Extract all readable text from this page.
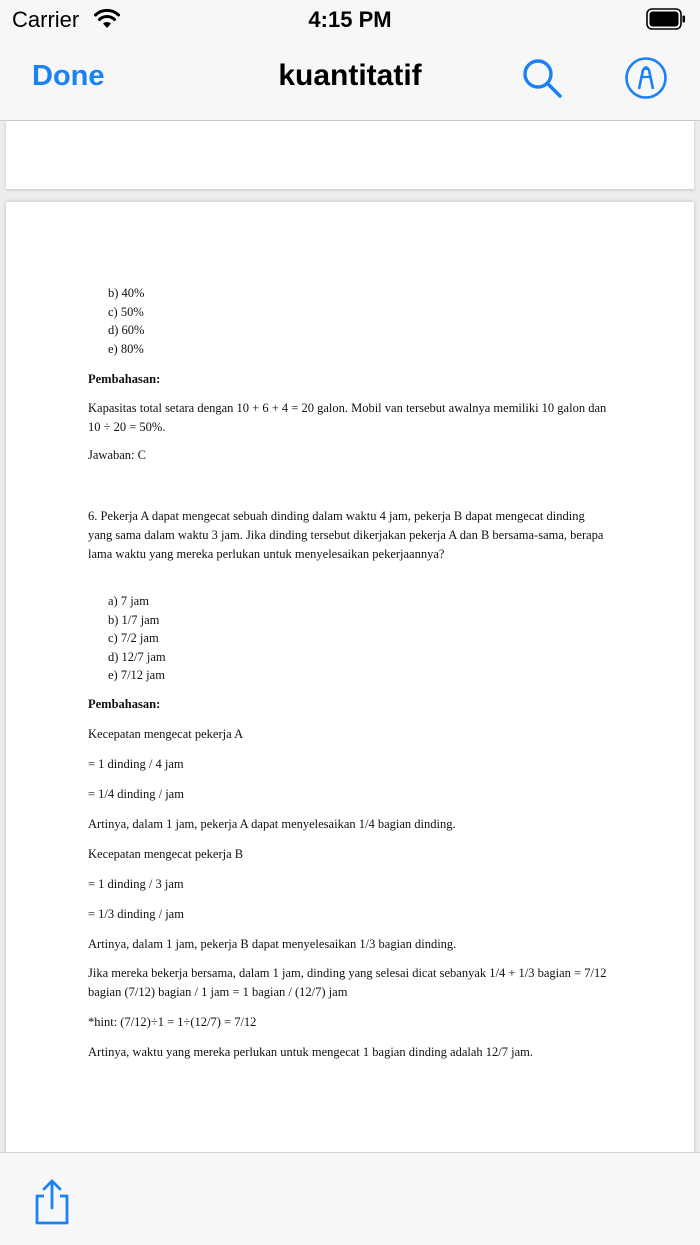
Carrier	4:15 PM
Done	kuantitatif
b) 40%
c) 50%
d) 60%
e) 80%

Pembahasan:

Kapasitas total setara dengan 10 + 6 + 4 = 20 galon. Mobil van tersebut awalnya memiliki 10 galon dan 10 ÷ 20 = 50%.

Jawaban: C

6. Pekerja A dapat mengecat sebuah dinding dalam waktu 4 jam, pekerja B dapat mengecat dinding yang sama dalam waktu 3 jam. Jika dinding tersebut dikerjakan pekerja A dan B bersama-sama, berapa lama waktu yang mereka perlukan untuk menyelesaikan pekerjaannya?

a) 7 jam
b) 1/7 jam
c) 7/2 jam
d) 12/7 jam
e) 7/12 jam

Pembahasan:

Kecepatan mengecat pekerja A

= 1 dinding / 4 jam

= 1/4 dinding / jam

Artinya, dalam 1 jam, pekerja A dapat menyelesaikan 1/4 bagian dinding.

Kecepatan mengecat pekerja B

= 1 dinding / 3 jam

= 1/3 dinding / jam

Artinya, dalam 1 jam, pekerja B dapat menyelesaikan 1/3 bagian dinding.

Jika mereka bekerja bersama, dalam 1 jam, dinding yang selesai dicat sebanyak 1/4 + 1/3 bagian = 7/12 bagian (7/12) bagian / 1 jam = 1 bagian / (12/7) jam

*hint: (7/12)÷1 = 1÷(12/7) = 7/12

Artinya, waktu yang mereka perlukan untuk mengecat 1 bagian dinding adalah 12/7 jam.
